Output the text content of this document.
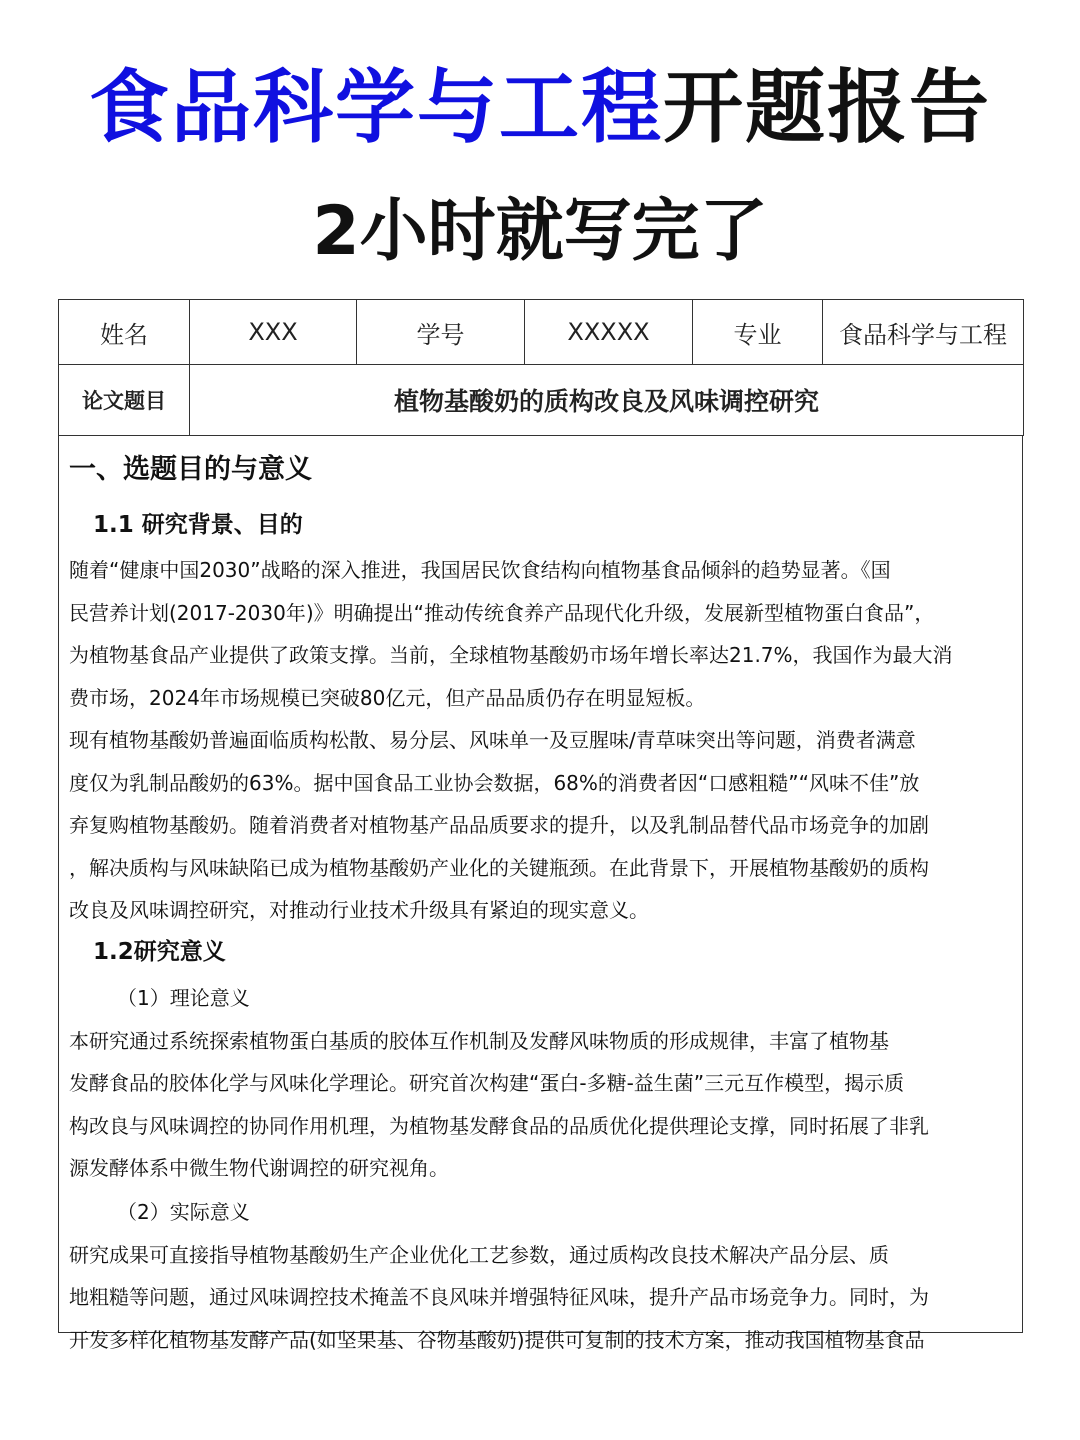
食品科学与工程开题报告
2小时就写完了
姓名	XXX	学号	XXXXX	专业	食品科学与工程
论文题目	植物基酸奶的质构改良及风味调控研究				
一、选题目的与意义
1.1 研究背景、目的

随着“健康中国2030”战略的深入推进，我国居民饮食结构向植物基食品倾斜的趋势显著。《国

民营养计划(2017-2030年)》明确提出“推动传统食养产品现代化升级，发展新型植物蛋白食品”，

为植物基食品产业提供了政策支撑。当前，全球植物基酸奶市场年增长率达21.7%，我国作为最大消

费市场，2024年市场规模已突破80亿元，但产品品质仍存在明显短板。

现有植物基酸奶普遍面临质构松散、易分层、风味单一及豆腥味/青草味突出等问题，消费者满意

度仅为乳制品酸奶的63%。据中国食品工业协会数据，68%的消费者因“口感粗糙”“风味不佳”放

弃复购植物基酸奶。随着消费者对植物基产品品质要求的提升，以及乳制品替代品市场竞争的加剧

，解决质构与风味缺陷已成为植物基酸奶产业化的关键瓶颈。在此背景下，开展植物基酸奶的质构

改良及风味调控研究，对推动行业技术升级具有紧迫的现实意义。

1.2研究意义
（1）理论意义

本研究通过系统探索植物蛋白基质的胶体互作机制及发酵风味物质的形成规律，丰富了植物基

发酵食品的胶体化学与风味化学理论。研究首次构建“蛋白-多糖-益生菌”三元互作模型，揭示质

构改良与风味调控的协同作用机理，为植物基发酵食品的品质优化提供理论支撑，同时拓展了非乳

源发酵体系中微生物代谢调控的研究视角。

（2）实际意义

研究成果可直接指导植物基酸奶生产企业优化工艺参数，通过质构改良技术解决产品分层、质

地粗糙等问题，通过风味调控技术掩盖不良风味并增强特征风味，提升产品市场竞争力。同时，为

开发多样化植物基发酵产品(如坚果基、谷物基酸奶)提供可复制的技术方案，推动我国植物基食品
